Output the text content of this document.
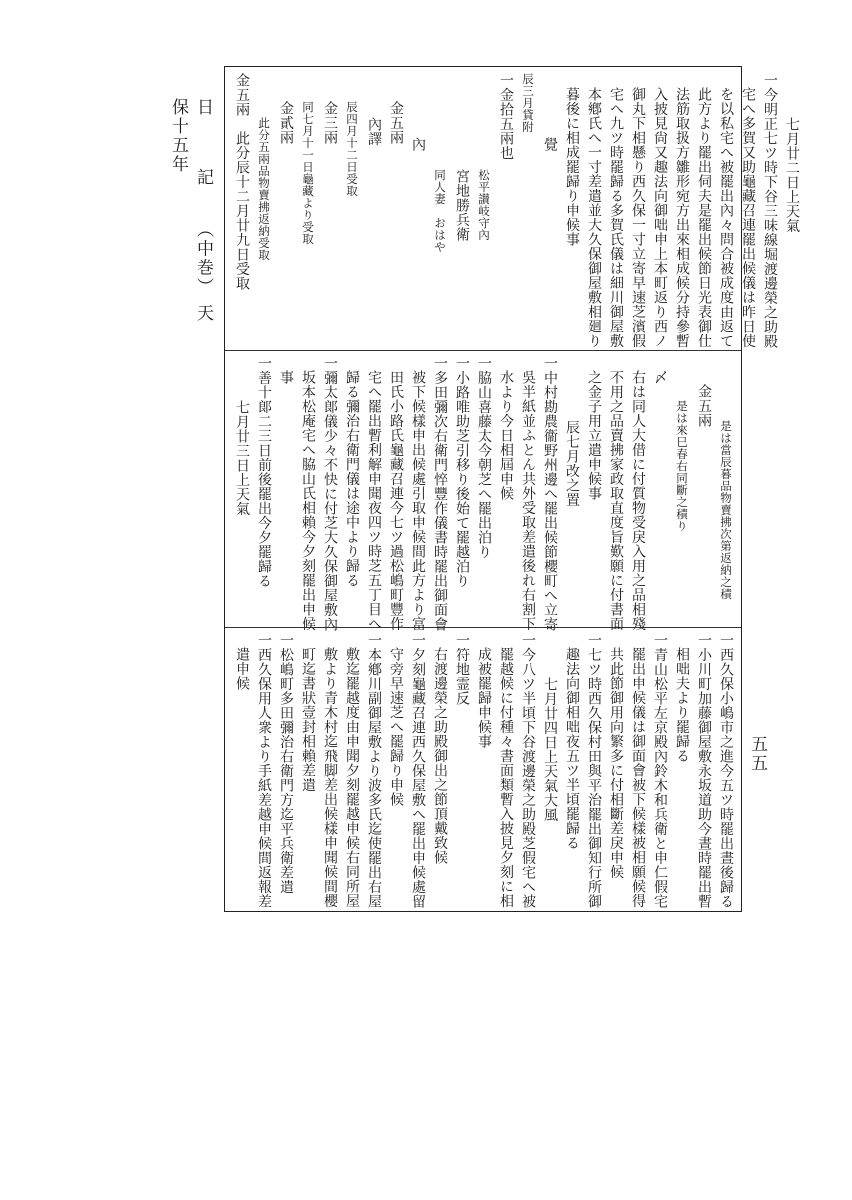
日　記 （中巻） 天保十五年
五五
七月廿二日上天氣
一今明正七ツ時下谷三味線堀渡邊榮之助殿
宅へ多賀又助龜藏召連罷出候儀は昨日使
を以私宅へ被罷出內々問合被成度由返て
此方より罷出伺夫是罷出候節日光表御仕
法筋取扱方雛形宛方出來相成候分持參暫
入披見尙又趣法向御咄申上本町返り西ノ
御丸下相懸り西久保一寸立寄早速芝濱假
宅へ九ツ時罷歸る多賀氏儀は細川御屋敷
本鄕氏へ一寸差遣並大久保御屋敷相廻り
暮後に相成罷歸り申候事
覺
辰三月貸附
一金拾五兩也
松平讃岐守內
宮地勝兵衛
同人妻　おはや
內
金五兩
內譯
辰四月十二日受取
金三兩
同七月十一日龜藏より受取
金貳兩
此分五兩品物賣拂返納受取
金五兩　此分辰十二月廿九日受取
是は當辰暮品物賣拂次第返納之積
金五兩
是は來巳春右同斷之積り
〆
右は同人大借に付質物受戾入用之品相殘
不用之品賣拂家政取直度旨歎願に付書面
之金子用立遣申候事
辰七月改之置
一中村勘農衞野州邊へ罷出候節櫻町へ立寄
吳半紙並ふとん共外受取差遣後れ右割下
水より今日相屆申候
一脇山喜藤太今朝芝へ罷出泊り
一小路唯助芝引移り後始て罷越泊り
一多田彌次右衛門悴豐作儀書時罷出御面會
被下候樣申出候處引取申候間此方より富
田氏小路氏龜藏召連今七ツ過松嶋町豐作
宅へ罷出暫利解申聞夜四ツ時芝五丁目へ
歸る彌治右衛門儀は途中より歸る
一彌太郞儀少々不快に付芝大久保御屋敷內
坂本松庵宅へ脇山氏相賴今夕刻罷出申候
事
一善十郞二三日前後罷出今夕罷歸る
七月廿三日上天氣
一西久保小嶋市之進今五ツ時罷出晝後歸る
一小川町加藤御屋敷永坂道助今晝時罷出暫
相咄夫より罷歸る
一青山松平左京殿內鈴木和兵衛と申仁假宅
罷出申候儀は御面會被下候樣被相願候得
共此節御用向繁多に付相斷差戾申候
一七ツ時西久保村田與平治罷出御知行所御
趣法向御相咄夜五ツ半頃罷歸る
七月廿四日上天氣大風
一今八ツ半頃下谷渡邊榮之助殿芝假宅へ被
罷越候に付種々書面類暫入披見夕刻に相
成被罷歸申候事
一符地霊反
右渡邊榮之助殿御出之節頂戴致候
一夕刻龜藏召連西久保屋敷へ罷出申候處留
守旁早速芝へ罷歸り申候
一本鄕川副御屋敷より波多氏迄使罷出右屋
敷迄罷越度由申聞夕刻罷越申候右同所屋
敷より青木村迄飛脚差出候樣申聞候間櫻
町迄書狀壹封相賴差遣
一松嶋町多田彌治右衛門方迄平兵衛差遣
一西久保用人衆より手紙差越申候間返報差
遣申候
